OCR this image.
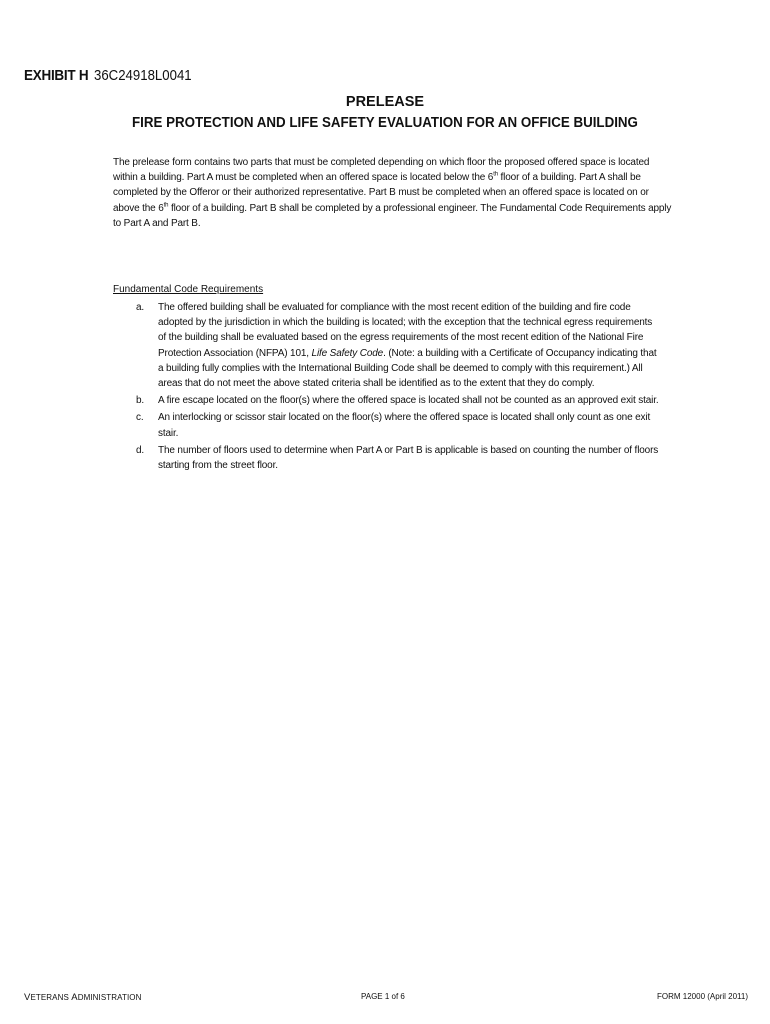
EXHIBIT H 36C24918L0041
PRELEASE
FIRE PROTECTION AND LIFE SAFETY EVALUATION FOR AN OFFICE BUILDING

The prelease form contains two parts that must be completed depending on which floor the proposed offered space is located within a building. Part A must be completed when an offered space is located below the 6th floor of a building. Part A shall be completed by the Offeror or their authorized representative. Part B must be completed when an offered space is located on or above the 6th floor of a building. Part B shall be completed by a professional engineer. The Fundamental Code Requirements apply to Part A and Part B.

Fundamental Code Requirements
a.	The offered building shall be evaluated for compliance with the most recent edition of the building and fire code adopted by the jurisdiction in which the building is located; with the exception that the technical egress requirements of the building shall be evaluated based on the egress requirements of the most recent edition of the National Fire Protection Association (NFPA) 101, Life Safety Code. (Note: a building with a Certificate of Occupancy indicating that a building fully complies with the International Building Code shall be deemed to comply with this requirement.) All areas that do not meet the above stated criteria shall be identified as to the extent that they do comply.
b.	A fire escape located on the floor(s) where the offered space is located shall not be counted as an approved exit stair.
c.	An interlocking or scissor stair located on the floor(s) where the offered space is located shall only count as one exit stair.
d.	The number of floors used to determine when Part A or Part B is applicable is based on counting the number of floors starting from the street floor.
VETERANS ADMINISTRATION	PAGE 1 of 6	FORM 12000 (April 2011)
